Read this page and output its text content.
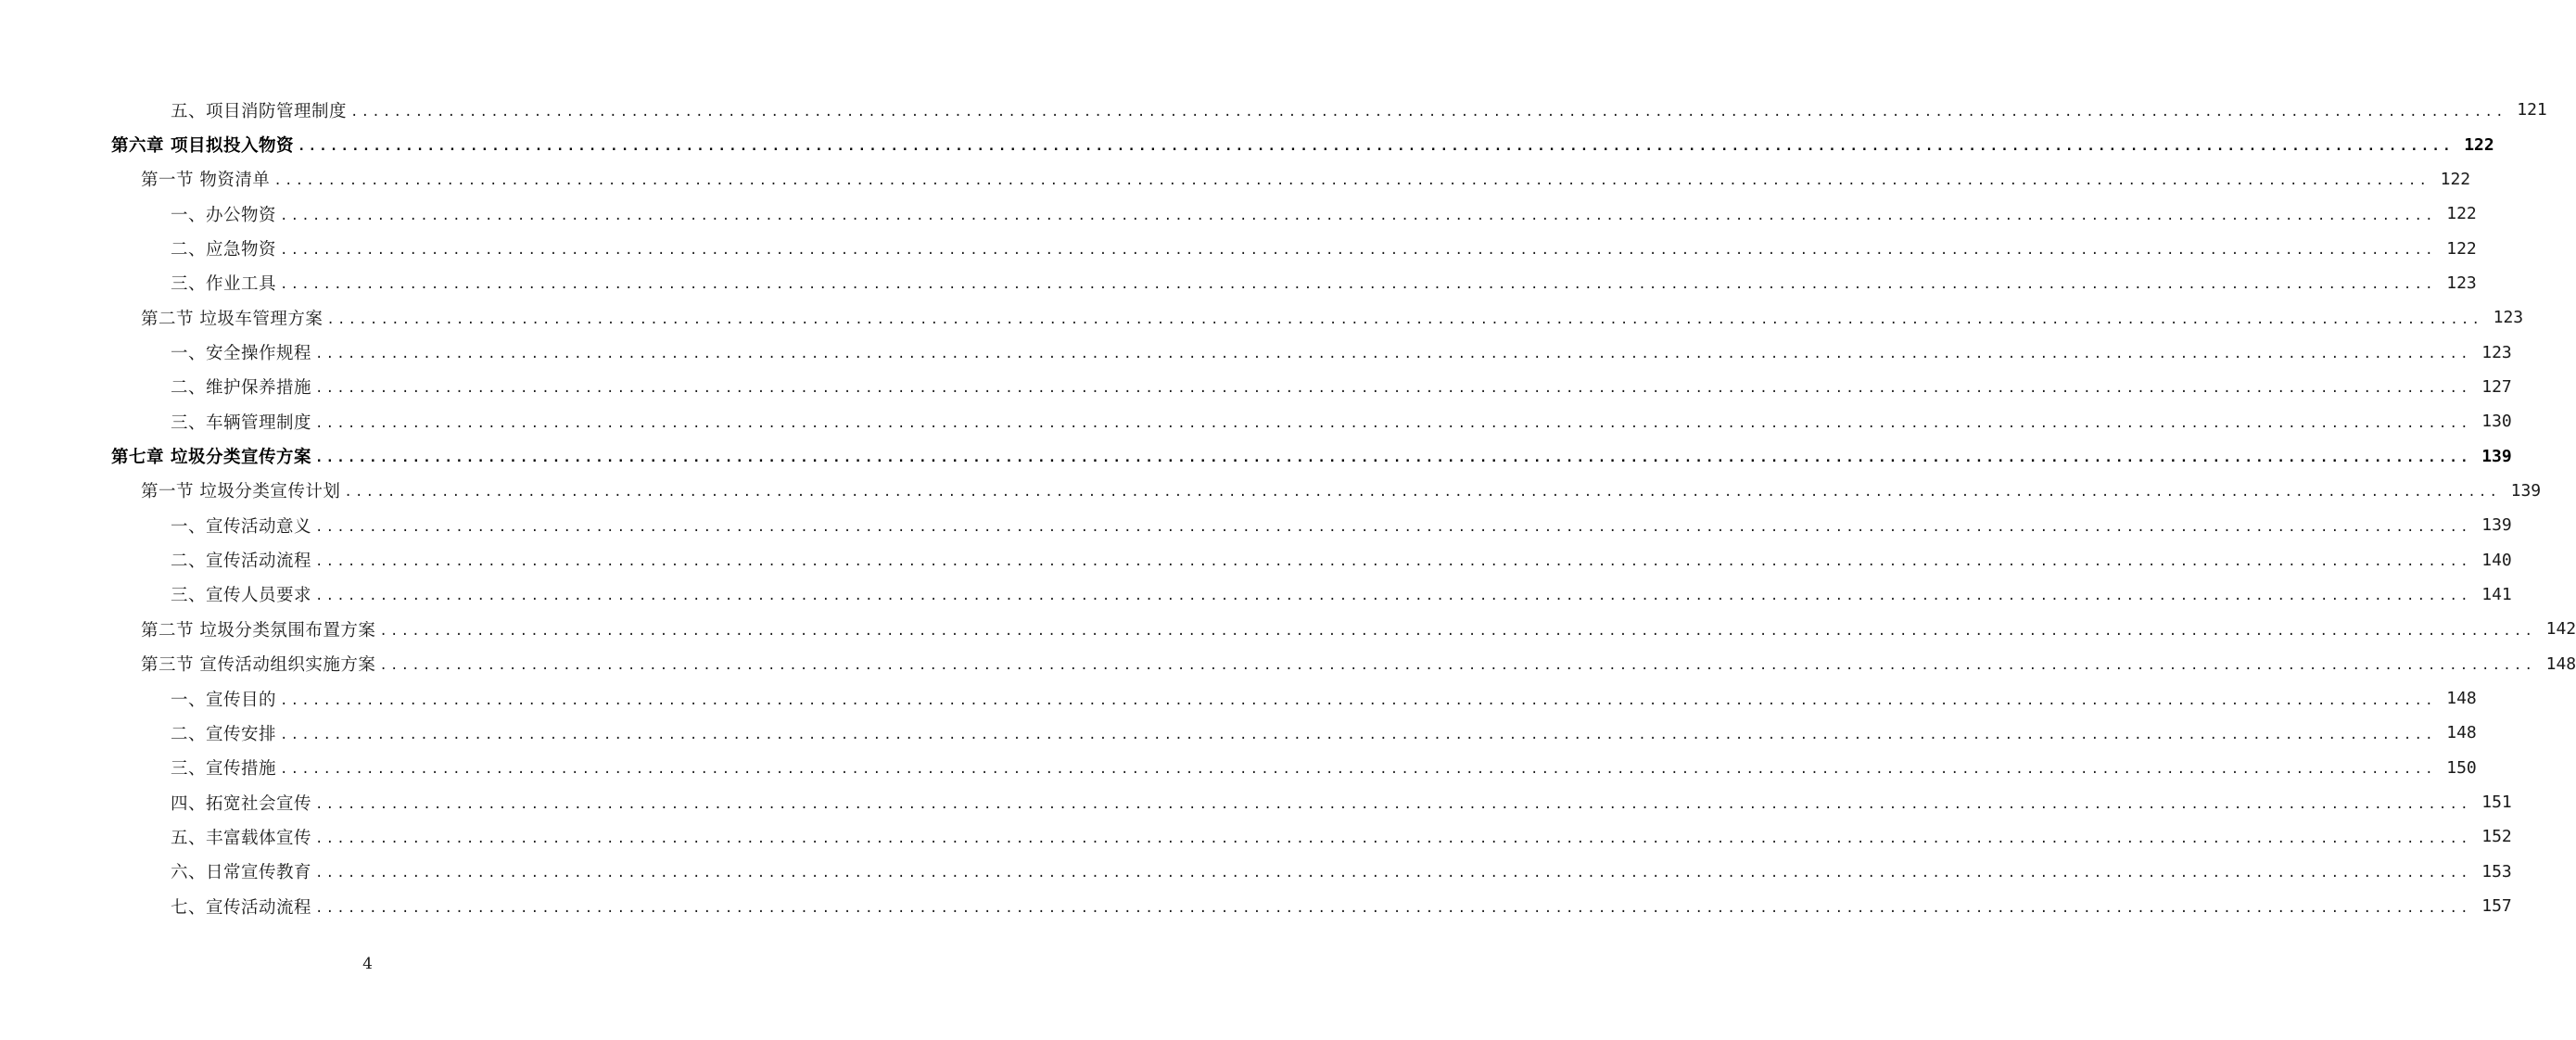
五、项目消防管理制度 ........................................................................................................................................................................................................ 121
第六章 项目拟投入物资 ........................................................................................................................................................................................................ 122
第一节 物资清单 ........................................................................................................................................................................................................ 122
一、办公物资 ........................................................................................................................................................................................................ 122
二、应急物资 ........................................................................................................................................................................................................ 122
三、作业工具 ........................................................................................................................................................................................................ 123
第二节 垃圾车管理方案 ........................................................................................................................................................................................................ 123
一、安全操作规程 ........................................................................................................................................................................................................ 123
二、维护保养措施 ........................................................................................................................................................................................................ 127
三、车辆管理制度 ........................................................................................................................................................................................................ 130
第七章 垃圾分类宣传方案 ........................................................................................................................................................................................................ 139
第一节 垃圾分类宣传计划 ........................................................................................................................................................................................................ 139
一、宣传活动意义 ........................................................................................................................................................................................................ 139
二、宣传活动流程 ........................................................................................................................................................................................................ 140
三、宣传人员要求 ........................................................................................................................................................................................................ 141
第二节 垃圾分类氛围布置方案 ........................................................................................................................................................................................................ 142
第三节 宣传活动组织实施方案 ........................................................................................................................................................................................................ 148
一、宣传目的 ........................................................................................................................................................................................................ 148
二、宣传安排 ........................................................................................................................................................................................................ 148
三、宣传措施 ........................................................................................................................................................................................................ 150
四、拓宽社会宣传 ........................................................................................................................................................................................................ 151
五、丰富载体宣传 ........................................................................................................................................................................................................ 152
六、日常宣传教育 ........................................................................................................................................................................................................ 153
七、宣传活动流程 ........................................................................................................................................................................................................ 157
4
